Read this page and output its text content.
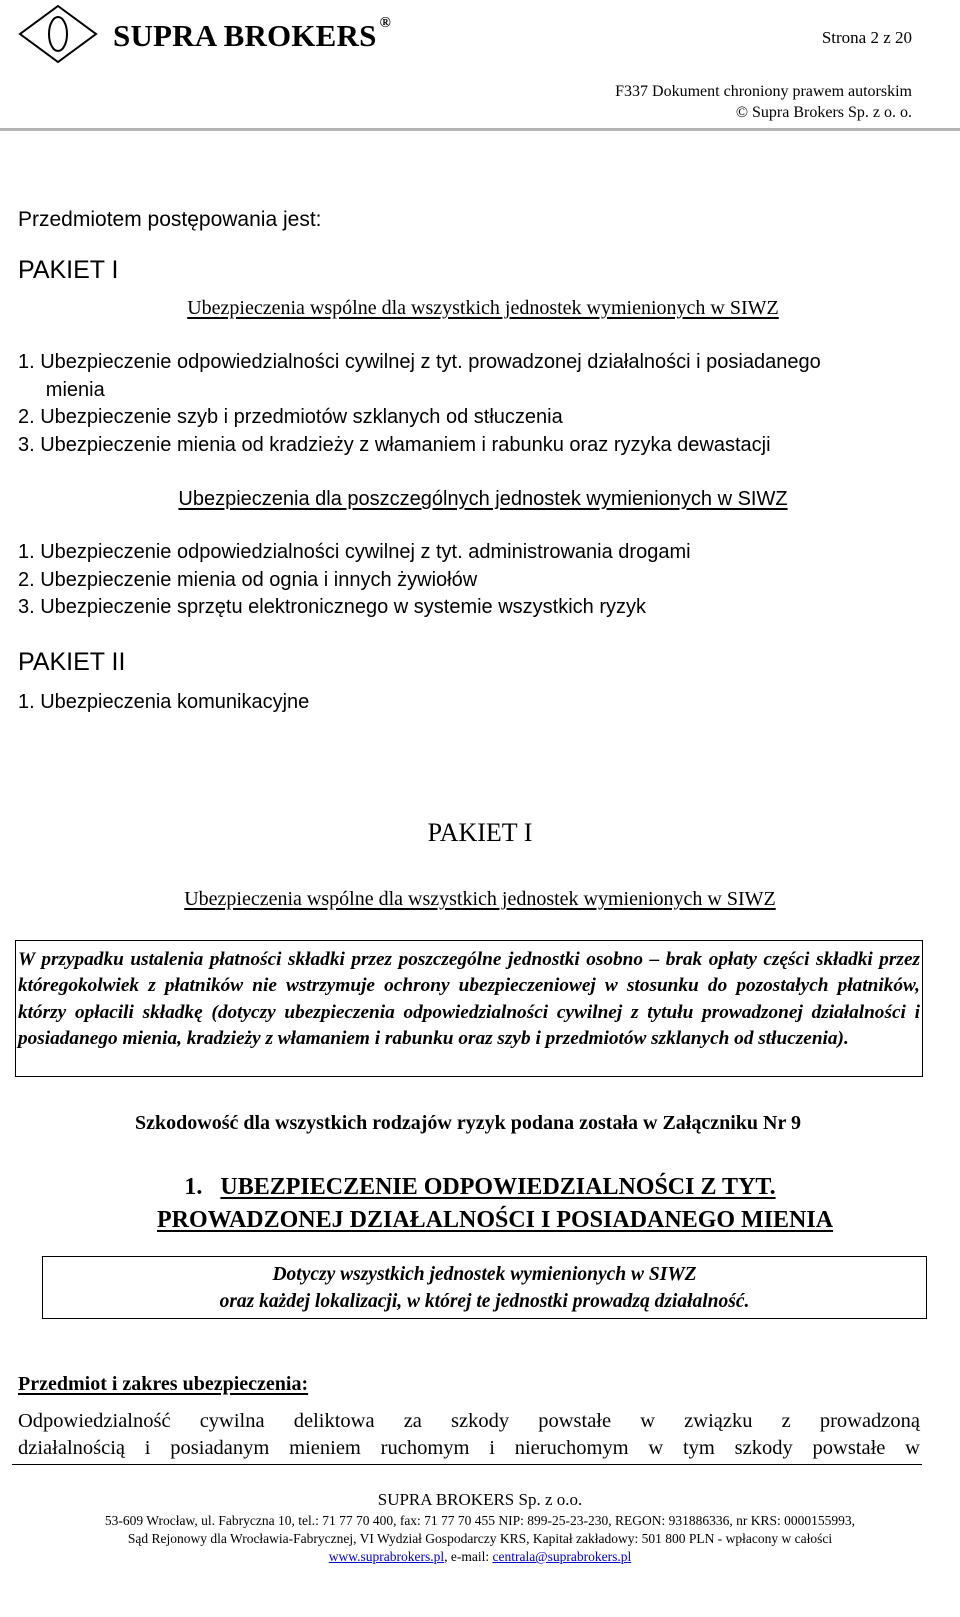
SUPRA BROKERS ®
Strona 2 z 20
F337 Dokument chroniony prawem autorskim
© Supra Brokers Sp. z o. o.
Przedmiotem postępowania jest:
PAKIET I
Ubezpieczenia wspólne dla wszystkich jednostek wymienionych w SIWZ
1. Ubezpieczenie odpowiedzialności cywilnej z tyt. prowadzonej działalności i posiadanego
mienia
2. Ubezpieczenie szyb i przedmiotów szklanych od stłuczenia
3. Ubezpieczenie mienia od kradzieży z włamaniem i rabunku oraz ryzyka dewastacji
Ubezpieczenia dla poszczególnych jednostek wymienionych w SIWZ
1. Ubezpieczenie odpowiedzialności cywilnej z tyt. administrowania drogami
2. Ubezpieczenie mienia od ognia i innych żywiołów
3. Ubezpieczenie sprzętu elektronicznego w systemie wszystkich ryzyk
PAKIET II
1. Ubezpieczenia komunikacyjne
PAKIET I
Ubezpieczenia wspólne dla wszystkich jednostek wymienionych w SIWZ
W przypadku ustalenia płatności składki przez poszczególne jednostki osobno – brak opłaty części składki przez któregokolwiek z płatników nie wstrzymuje ochrony ubezpieczeniowej w stosunku do pozostałych płatników, którzy opłacili składkę (dotyczy ubezpieczenia odpowiedzialności cywilnej z tytułu prowadzonej działalności i posiadanego mienia, kradzieży z włamaniem i rabunku oraz szyb i przedmiotów szklanych od stłuczenia).
Szkodowość dla wszystkich rodzajów ryzyk podana została w Załączniku Nr 9
1. UBEZPIECZENIE ODPOWIEDZIALNOŚCI Z TYT.
PROWADZONEJ DZIAŁALNOŚCI I POSIADANEGO MIENIA
Dotyczy wszystkich jednostek wymienionych w SIWZ
oraz każdej lokalizacji, w której te jednostki prowadzą działalność.
Przedmiot i zakres ubezpieczenia:
Odpowiedzialność cywilna deliktowa za szkody powstałe w związku z prowadzoną
działalnością i posiadanym mieniem ruchomym i nieruchomym w tym szkody powstałe w
SUPRA BROKERS Sp. z o.o.
53-609 Wrocław, ul. Fabryczna 10, tel.: 71 77 70 400, fax: 71 77 70 455 NIP: 899-25-23-230, REGON: 931886336, nr KRS: 0000155993,
Sąd Rejonowy dla Wrocławia-Fabrycznej, VI Wydział Gospodarczy KRS, Kapitał zakładowy: 501 800 PLN - wpłacony w całości
www.suprabrokers.pl, e-mail: centrala@suprabrokers.pl
